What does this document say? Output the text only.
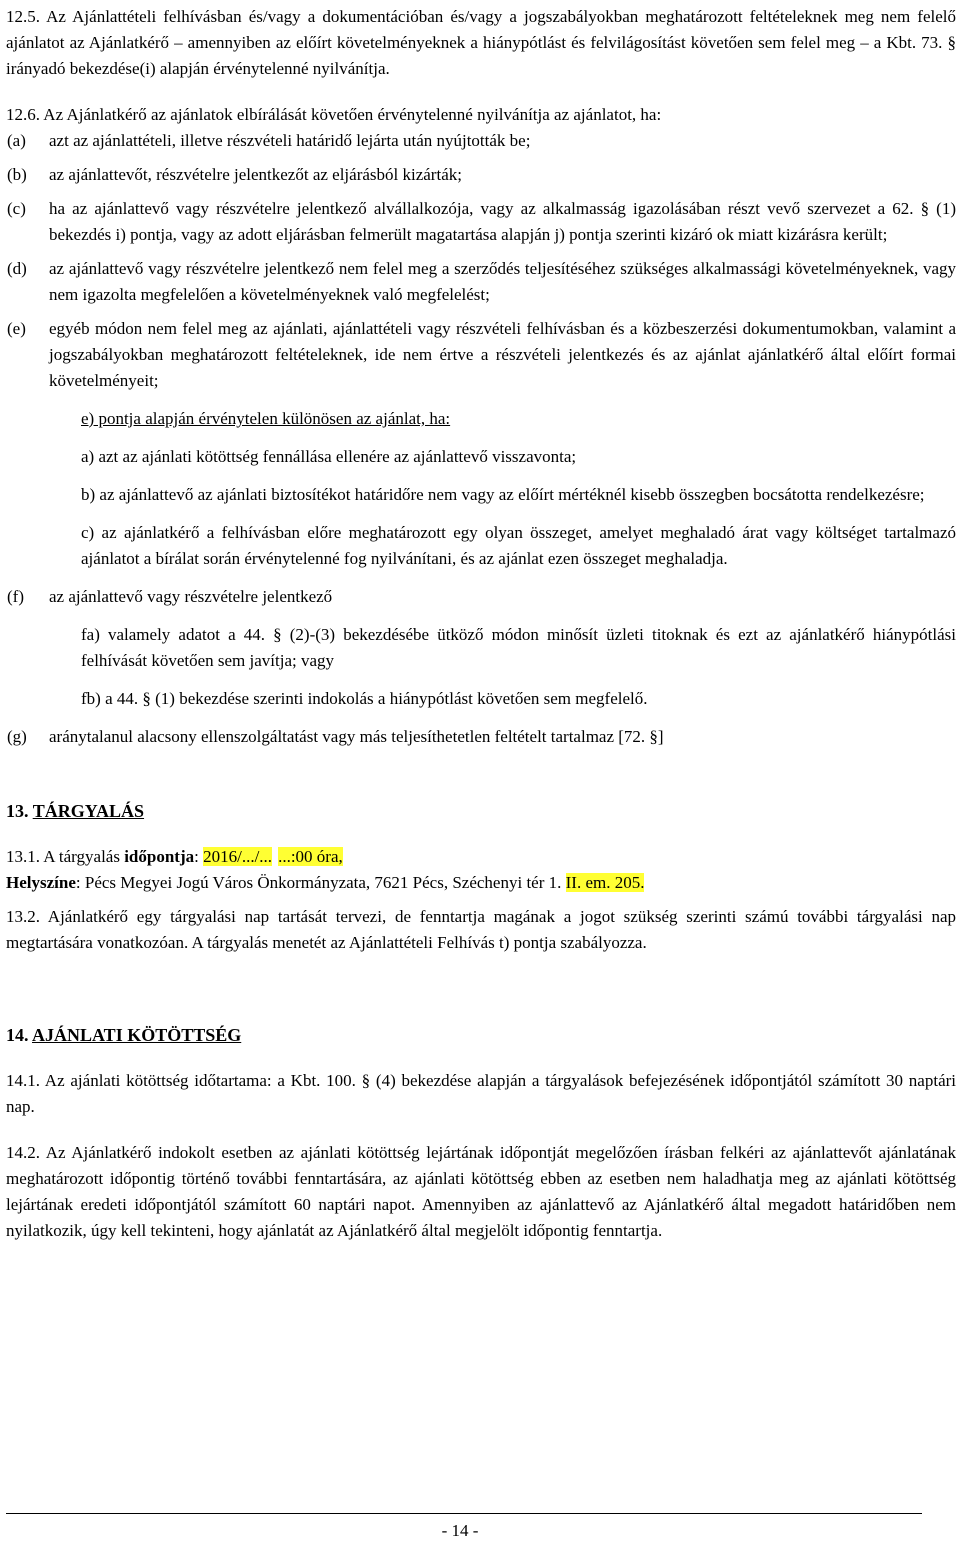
12.5. Az Ajánlattételi felhívásban és/vagy a dokumentációban és/vagy a jogszabályokban meghatározott feltételeknek meg nem felelő ajánlatot az Ajánlatkérő – amennyiben az előírt követelményeknek a hiánypótlást és felvilágosítást követően sem felel meg – a Kbt. 73. § irányadó bekezdése(i) alapján érvénytelenné nyilvánítja.

12.6. Az Ajánlatkérő az ajánlatok elbírálását követően érvénytelenné nyilvánítja az ajánlatot, ha:

(a)	azt az ajánlattételi, illetve részvételi határidő lejárta után nyújtották be;
(b)	az ajánlattevőt, részvételre jelentkezőt az eljárásból kizárták;
(c)	ha az ajánlattevő vagy részvételre jelentkező alvállalkozója, vagy az alkalmasság igazolásában részt vevő szervezet a 62. § (1) bekezdés i) pontja, vagy az adott eljárásban felmerült magatartása alapján j) pontja szerinti kizáró ok miatt kizárásra került;
(d)	az ajánlattevő vagy részvételre jelentkező nem felel meg a szerződés teljesítéséhez szükséges alkalmassági követelményeknek, vagy nem igazolta megfelelően a követelményeknek való megfelelést;
(e)	egyéb módon nem felel meg az ajánlati, ajánlattételi vagy részvételi felhívásban és a közbeszerzési dokumentumokban, valamint a jogszabályokban meghatározott feltételeknek, ide nem értve a részvételi jelentkezés és az ajánlat ajánlatkérő által előírt formai követelményeit;

e) pontja alapján érvénytelen különösen az ajánlat, ha:

a) azt az ajánlati kötöttség fennállása ellenére az ajánlattevő visszavonta;

b) az ajánlattevő az ajánlati biztosítékot határidőre nem vagy az előírt mértéknél kisebb összegben bocsátotta rendelkezésre;

c) az ajánlatkérő a felhívásban előre meghatározott egy olyan összeget, amelyet meghaladó árat vagy költséget tartalmazó ajánlatot a bírálat során érvénytelenné fog nyilvánítani, és az ajánlat ezen összeget meghaladja.

(f)	az ajánlattevő vagy részvételre jelentkező

fa) valamely adatot a 44. § (2)-(3) bekezdésébe ütköző módon minősít üzleti titoknak és ezt az ajánlatkérő hiánypótlási felhívását követően sem javítja; vagy

fb) a 44. § (1) bekezdése szerinti indokolás a hiánypótlást követően sem megfelelő.

(g)	aránytalanul alacsony ellenszolgáltatást vagy más teljesíthetetlen feltételt tartalmaz [72. §]

13. TÁRGYALÁS

13.1. A tárgyalás időpontja: 2016/.../... ...:00 óra,

Helyszíne: Pécs Megyei Jogú Város Önkormányzata, 7621 Pécs, Széchenyi tér 1. II. em. 205.

13.2. Ajánlatkérő egy tárgyalási nap tartását tervezi, de fenntartja magának a jogot szükség szerinti számú további tárgyalási nap megtartására vonatkozóan. A tárgyalás menetét az Ajánlattételi Felhívás t) pontja szabályozza.

14. AJÁNLATI KÖTÖTTSÉG

14.1. Az ajánlati kötöttség időtartama: a Kbt. 100. § (4) bekezdése alapján a tárgyalások befejezésének időpontjától számított 30 naptári nap.

14.2. Az Ajánlatkérő indokolt esetben az ajánlati kötöttség lejártának időpontját megelőzően írásban felkéri az ajánlattevőt ajánlatának meghatározott időpontig történő további fenntartására, az ajánlati kötöttség ebben az esetben nem haladhatja meg az ajánlati kötöttség lejártának eredeti időpontjától számított 60 naptári napot. Amennyiben az ajánlattevő az Ajánlatkérő által megadott határidőben nem nyilatkozik, úgy kell tekinteni, hogy ajánlatát az Ajánlatkérő által megjelölt időpontig fenntartja.

- 14 -
